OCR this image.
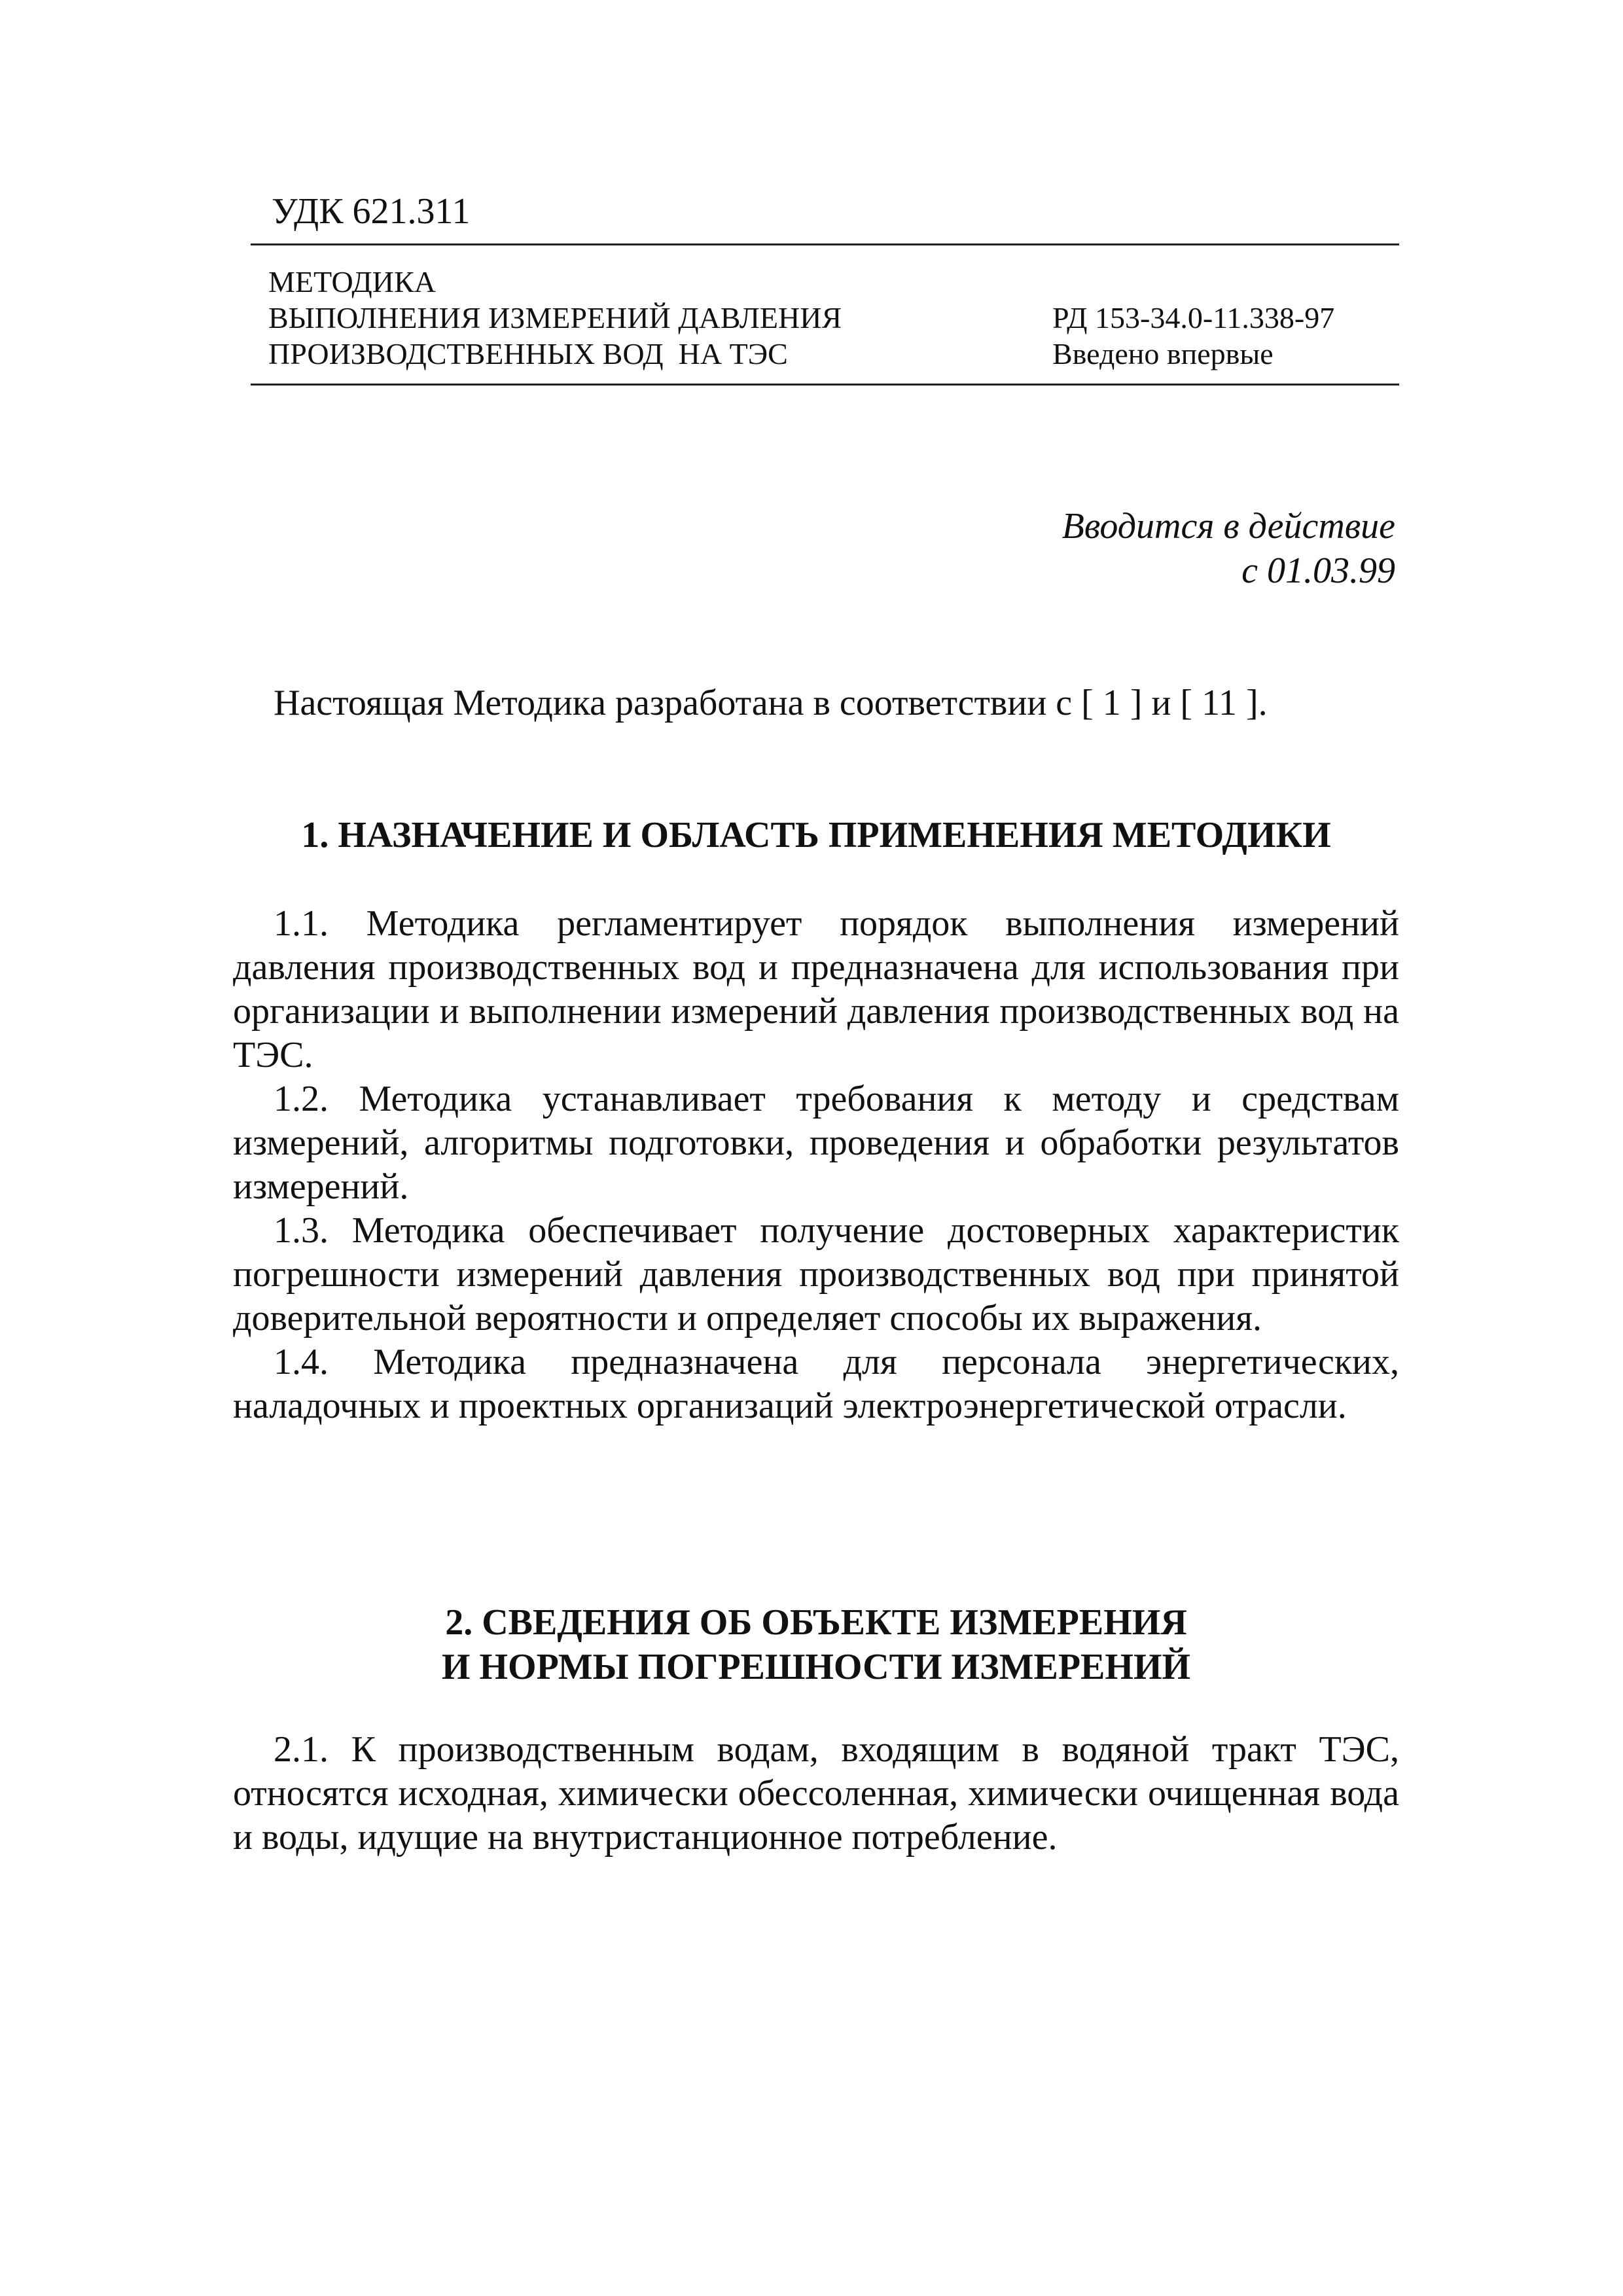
УДК 621.311
МЕТОДИКА
ВЫПОЛНЕНИЯ ИЗМЕРЕНИЙ ДАВЛЕНИЯ
ПРОИЗВОДСТВЕННЫХ ВОД  НА ТЭС
РД 153-34.0-11.338-97
Введено впервые
Вводится в действие
с 01.03.99
Настоящая Методика разработана в соответствии с [ 1 ] и [ 11 ].
1. НАЗНАЧЕНИЕ И ОБЛАСТЬ ПРИМЕНЕНИЯ МЕТОДИКИ

1.1. Методика регламентирует порядок выполнения измерений давления производственных вод и предназначена для использования при организации и выполнении измерений давления производственных вод на ТЭС.

1.2. Методика устанавливает требования к методу и средствам измерений, алгоритмы подготовки, проведения и обработки результатов измерений.

1.3. Методика обеспечивает получение достоверных характеристик погрешности измерений давления производственных вод при принятой доверительной вероятности и определяет способы их выражения.

1.4. Методика предназначена для персонала энергетических, наладочных и проектных организаций электроэнергетической отрасли.

2. СВЕДЕНИЯ ОБ ОБЪЕКТЕ ИЗМЕРЕНИЯ
И НОРМЫ ПОГРЕШНОСТИ ИЗМЕРЕНИЙ

2.1. К производственным водам, входящим в водяной тракт ТЭС, относятся исходная, химически обессоленная, химически очищенная вода и воды, идущие на внутристанционное потребление.
